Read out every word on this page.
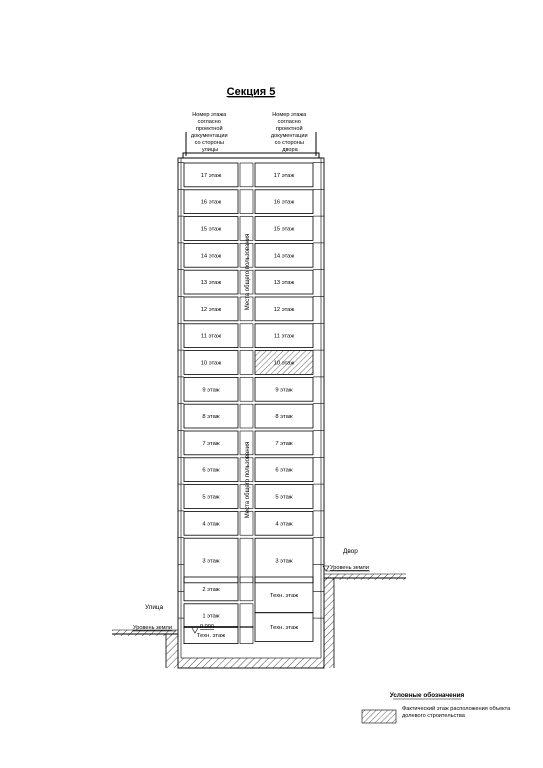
Секция 5
Номер этажа согласно проектной документации со стороны улицы
Номер этажа согласно проектной документации со стороны двора
17 этаж
16 этаж
15 этаж
14 этаж
13 этаж
12 этаж
11 этаж
10 этаж
9 этаж
8 этаж
7 этаж
6 этаж
5 этаж
4 этаж
3 этаж
2 этаж
1 этаж
Техн. этаж
17 этаж
16 этаж
15 этаж
14 этаж
13 этаж
12 этаж
11 этаж
10 этаж
9 этаж
8 этаж
7 этаж
6 этаж
5 этаж
4 этаж
3 этаж
Техн. этаж
Техн. этаж
Места общего пользования
Места общего пользования
Двор
Уровень земли
Улица
Уровень земли	0.000
Условные обозначения
Фактический этаж расположения объекта долевого строительства
